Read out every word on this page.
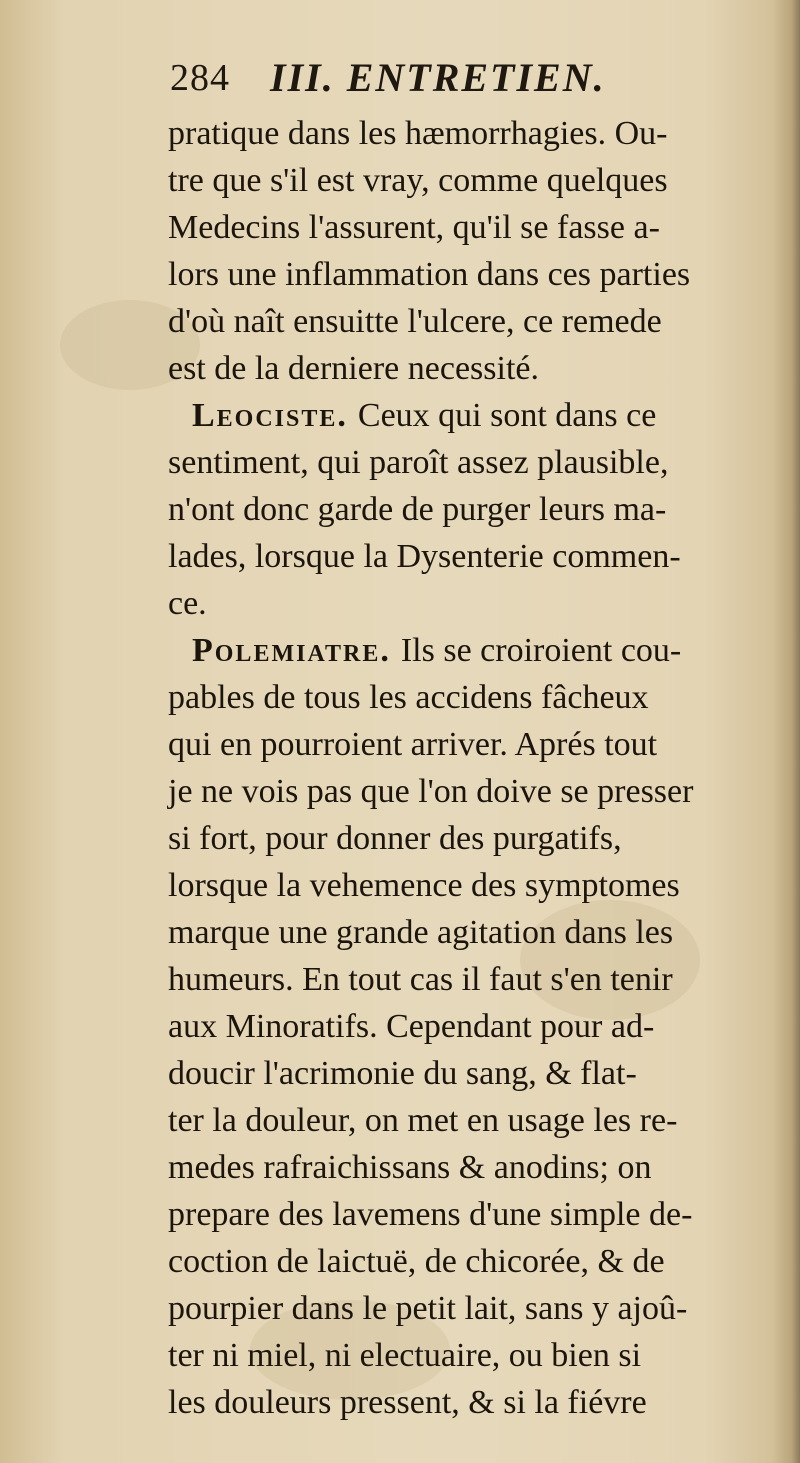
284 III. ENTRETIEN.
pratique dans les hæmorrhagies. Ou-
tre que s'il est vray, comme quelques
Medecins l'assurent, qu'il se fasse a-
lors une inflammation dans ces parties
d'où naît ensuitte l'ulcere, ce remede
est de la derniere necessité.
Leociste. Ceux qui sont dans ce
sentiment, qui paroît assez plausible,
n'ont donc garde de purger leurs ma-
lades, lorsque la Dysenterie commen-
ce.
Polemiatre. Ils se croiroient cou-
pables de tous les accidens fâcheux
qui en pourroient arriver. Aprés tout
je ne vois pas que l'on doive se presser
si fort, pour donner des purgatifs,
lorsque la vehemence des symptomes
marque une grande agitation dans les
humeurs. En tout cas il faut s'en tenir
aux Minoratifs. Cependant pour ad-
doucir l'acrimonie du sang, & flat-
ter la douleur, on met en usage les re-
medes rafraichissans & anodins; on
prepare des lavemens d'une simple de-
coction de laictuë, de chicorée, & de
pourpier dans le petit lait, sans y ajoû-
ter ni miel, ni electuaire, ou bien si
les douleurs pressent, & si la fiévre
